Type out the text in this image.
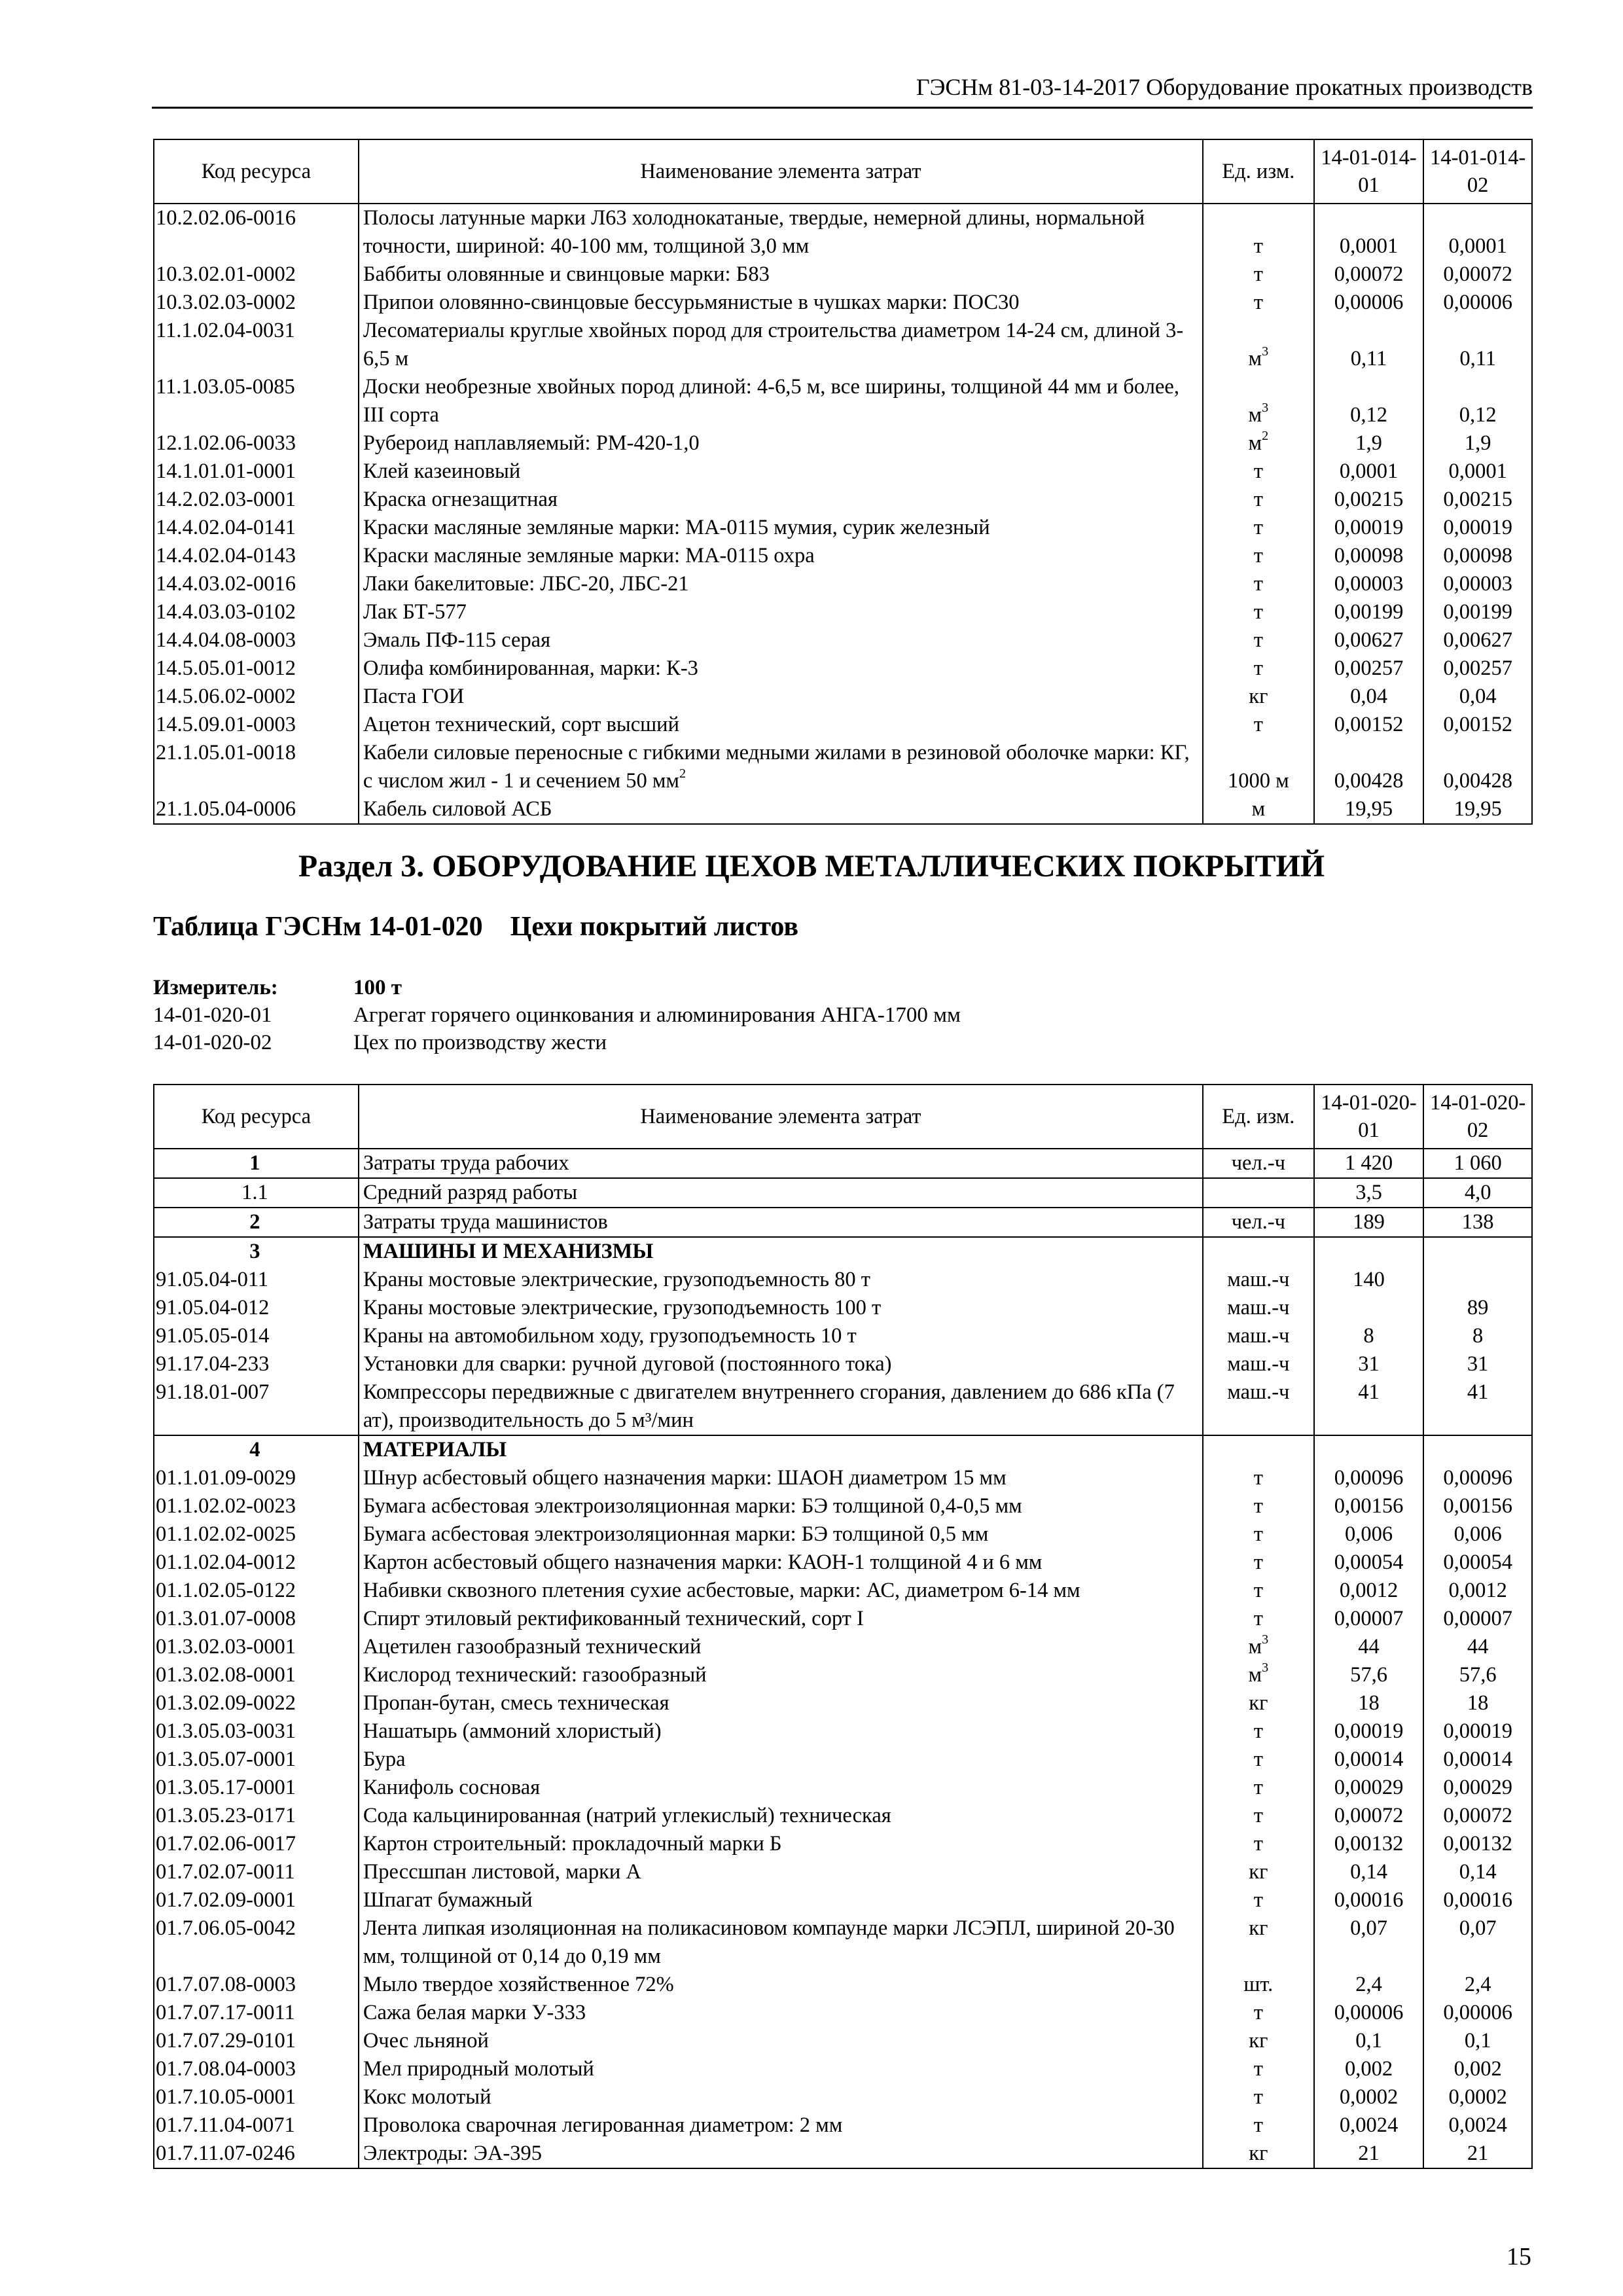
ГЭСНм 81-03-14-2017 Оборудование прокатных производств
Код ресурса	Наименование элемента затрат	Ед. изм.	14-01-014-01	14-01-014-02
10.2.02.06-0016	Полосы латунные марки Л63 холоднокатаные, твердые, немерной длины, нормальной точности, шириной: 40-100 мм, толщиной 3,0 мм	т	0,0001	0,0001
10.3.02.01-0002	Баббиты оловянные и свинцовые марки: Б83	т	0,00072	0,00072
10.3.02.03-0002	Припои оловянно-свинцовые бессурьмянистые в чушках марки: ПОС30	т	0,00006	0,00006
11.1.02.04-0031	Лесоматериалы круглые хвойных пород для строительства диаметром 14-24 см, длиной 3-6,5 м	$м^3$	0,11	0,11
11.1.03.05-0085	Доски необрезные хвойных пород длиной: 4-6,5 м, все ширины, толщиной 44 мм и более, III сорта	$м^3$	0,12	0,12
12.1.02.06-0033	Рубероид наплавляемый: РМ-420-1,0	$м^2$	1,9	1,9
14.1.01.01-0001	Клей казеиновый	т	0,0001	0,0001
14.2.02.03-0001	Краска огнезащитная	т	0,00215	0,00215
14.4.02.04-0141	Краски масляные земляные марки: МА-0115 мумия, сурик железный	т	0,00019	0,00019
14.4.02.04-0143	Краски масляные земляные марки: МА-0115 охра	т	0,00098	0,00098
14.4.03.02-0016	Лаки бакелитовые: ЛБС-20, ЛБС-21	т	0,00003	0,00003
14.4.03.03-0102	Лак БТ-577	т	0,00199	0,00199
14.4.04.08-0003	Эмаль ПФ-115 серая	т	0,00627	0,00627
14.5.05.01-0012	Олифа комбинированная, марки: К-3	т	0,00257	0,00257
14.5.06.02-0002	Паста ГОИ	кг	0,04	0,04
14.5.09.01-0003	Ацетон технический, сорт высший	т	0,00152	0,00152
21.1.05.01-0018	Кабели силовые переносные с гибкими медными жилами в резиновой оболочке марки: КГ, с числом жил - 1 и сечением 50 $мм^2$	1000 м	0,00428	0,00428
21.1.05.04-0006	Кабель силовой АСБ	м	19,95	19,95
Раздел 3. ОБОРУДОВАНИЕ ЦЕХОВ МЕТАЛЛИЧЕСКИХ ПОКРЫТИЙ
Таблица ГЭСНм 14-01-020 Цехи покрытий листов
Измеритель:	100 т
14-01-020-01	Агрегат горячего оцинкования и алюминирования АНГА-1700 мм
14-01-020-02	Цех по производству жести
Код ресурса	Наименование элемента затрат	Ед. изм.	14-01-020-01	14-01-020-02
1	Затраты труда рабочих	чел.-ч	1 420	1 060
1.1	Средний разряд работы		3,5	4,0
2	Затраты труда машинистов	чел.-ч	189	138
3	МАШИНЫ И МЕХАНИЗМЫ			
91.05.04-011	Краны мостовые электрические, грузоподъемность 80 т	маш.-ч	140	
91.05.04-012	Краны мостовые электрические, грузоподъемность 100 т	маш.-ч		89
91.05.05-014	Краны на автомобильном ходу, грузоподъемность 10 т	маш.-ч	8	8
91.17.04-233	Установки для сварки: ручной дуговой (постоянного тока)	маш.-ч	31	31
91.18.01-007	Компрессоры передвижные с двигателем внутреннего сгорания, давлением до 686 кПа (7 ат), производительность до 5 м³/мин	маш.-ч	41	41
4	МАТЕРИАЛЫ			
01.1.01.09-0029	Шнур асбестовый общего назначения марки: ШАОН диаметром 15 мм	т	0,00096	0,00096
01.1.02.02-0023	Бумага асбестовая электроизоляционная марки: БЭ толщиной 0,4-0,5 мм	т	0,00156	0,00156
01.1.02.02-0025	Бумага асбестовая электроизоляционная марки: БЭ толщиной 0,5 мм	т	0,006	0,006
01.1.02.04-0012	Картон асбестовый общего назначения марки: КАОН-1 толщиной 4 и 6 мм	т	0,00054	0,00054
01.1.02.05-0122	Набивки сквозного плетения сухие асбестовые, марки: АС, диаметром 6-14 мм	т	0,0012	0,0012
01.3.01.07-0008	Спирт этиловый ректификованный технический, сорт I	т	0,00007	0,00007
01.3.02.03-0001	Ацетилен газообразный технический	$м^3$	44	44
01.3.02.08-0001	Кислород технический: газообразный	$м^3$	57,6	57,6
01.3.02.09-0022	Пропан-бутан, смесь техническая	кг	18	18
01.3.05.03-0031	Нашатырь (аммоний хлористый)	т	0,00019	0,00019
01.3.05.07-0001	Бура	т	0,00014	0,00014
01.3.05.17-0001	Канифоль сосновая	т	0,00029	0,00029
01.3.05.23-0171	Сода кальцинированная (натрий углекислый) техническая	т	0,00072	0,00072
01.7.02.06-0017	Картон строительный: прокладочный марки Б	т	0,00132	0,00132
01.7.02.07-0011	Прессшпан листовой, марки А	кг	0,14	0,14
01.7.02.09-0001	Шпагат бумажный	т	0,00016	0,00016
01.7.06.05-0042	Лента липкая изоляционная на поликасиновом компаунде марки ЛСЭПЛ, шириной 20-30 мм, толщиной от 0,14 до 0,19 мм	кг	0,07	0,07
01.7.07.08-0003	Мыло твердое хозяйственное 72%	шт.	2,4	2,4
01.7.07.17-0011	Сажа белая марки У-333	т	0,00006	0,00006
01.7.07.29-0101	Очес льняной	кг	0,1	0,1
01.7.08.04-0003	Мел природный молотый	т	0,002	0,002
01.7.10.05-0001	Кокс молотый	т	0,0002	0,0002
01.7.11.04-0071	Проволока сварочная легированная диаметром: 2 мм	т	0,0024	0,0024
01.7.11.07-0246	Электроды: ЭА-395	кг	21	21
15
